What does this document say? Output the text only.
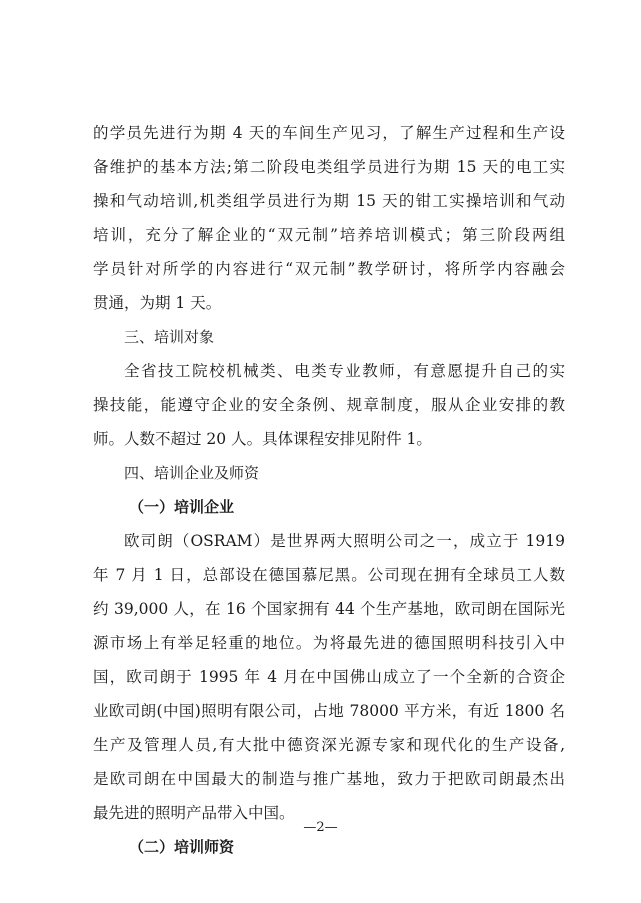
的学员先进行为期 4 天的车间生产见习，了解生产过程和生产设
备维护的基本方法;第二阶段电类组学员进行为期 15 天的电工实
操和气动培训,机类组学员进行为期 15 天的钳工实操培训和气动
培训，充分了解企业的“双元制”培养培训模式；第三阶段两组
学员针对所学的内容进行“双元制”教学研讨，将所学内容融会
贯通，为期 1 天。
三、培训对象
全省技工院校机械类、电类专业教师，有意愿提升自己的实
操技能，能遵守企业的安全条例、规章制度，服从企业安排的教
师。人数不超过 20 人。具体课程安排见附件 1。
四、培训企业及师资
（一）培训企业
欧司朗（OSRAM）是世界两大照明公司之一，成立于 1919
年 7 月 1 日，总部设在德国慕尼黑。公司现在拥有全球员工人数
约 39,000 人，在 16 个国家拥有 44 个生产基地，欧司朗在国际光
源市场上有举足轻重的地位。为将最先进的德国照明科技引入中
国，欧司朗于 1995 年 4 月在中国佛山成立了一个全新的合资企
业欧司朗(中国)照明有限公司，占地 78000 平方米，有近 1800 名
生产及管理人员,有大批中德资深光源专家和现代化的生产设备,
是欧司朗在中国最大的制造与推广基地，致力于把欧司朗最杰出
最先进的照明产品带入中国。
（二）培训师资
—2—
